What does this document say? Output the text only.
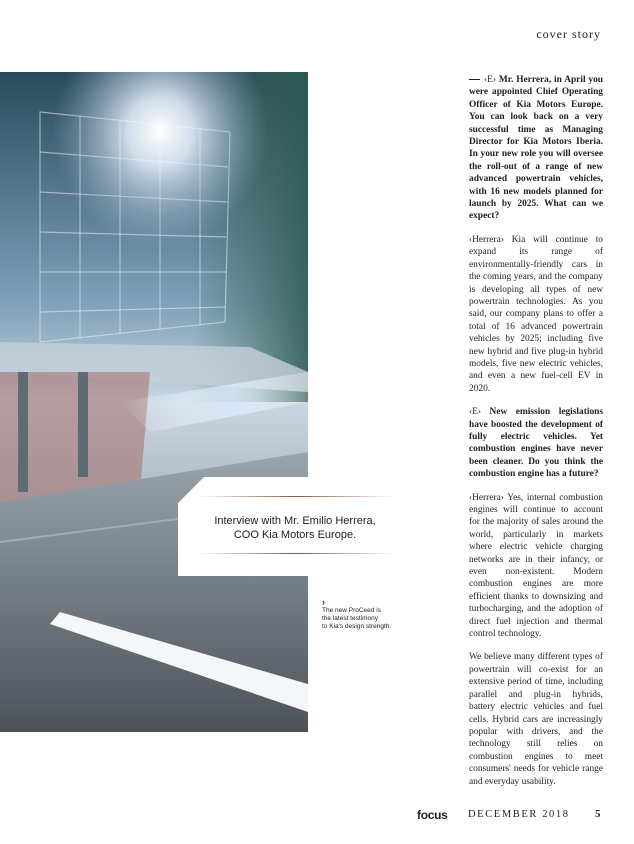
cover story
Interview with Mr. Emilio Herrera,
COO Kia Motors Europe.
›
The new ProCeed is
the latest testimony
to Kia's design strength.

‹E› Mr. Herrera, in April you were appointed Chief Operating Officer of Kia Motors Europe. You can look back on a very successful time as Managing Director for Kia Motors Iberia. In your new role you will oversee the roll-out of a range of new advanced powertrain vehicles, with 16 new models planned for launch by 2025. What can we expect?

‹Herrera› Kia will continue to expand its range of environmentally-friendly cars in the coming years, and the company is developing all types of new powertrain technologies. As you said, our company plans to offer a total of 16 advanced powertrain vehicles by 2025; including five new hybrid and five plug-in hybrid models, five new electric vehicles, and even a new fuel-cell EV in 2020.

‹E› New emission legislations have boosted the development of fully electric vehicles. Yet combustion engines have never been cleaner. Do you think the combustion engine has a future?

‹Herrera› Yes, internal combustion engines will continue to account for the majority of sales around the world, particularly in markets where electric vehicle charging networks are in their infancy, or even non-existent. Modern combustion engines are more efficient thanks to downsizing and turbocharging, and the adoption of direct fuel injection and thermal control technology.

We believe many different types of powertrain will co-exist for an extensive period of time, including parallel and plug-in hybrids, battery electric vehicles and fuel cells. Hybrid cars are increasingly popular with drivers, and the technology still relies on combustion engines to meet consumers' needs for vehicle range and everyday usability.

focus DECEMBER 2018 5
